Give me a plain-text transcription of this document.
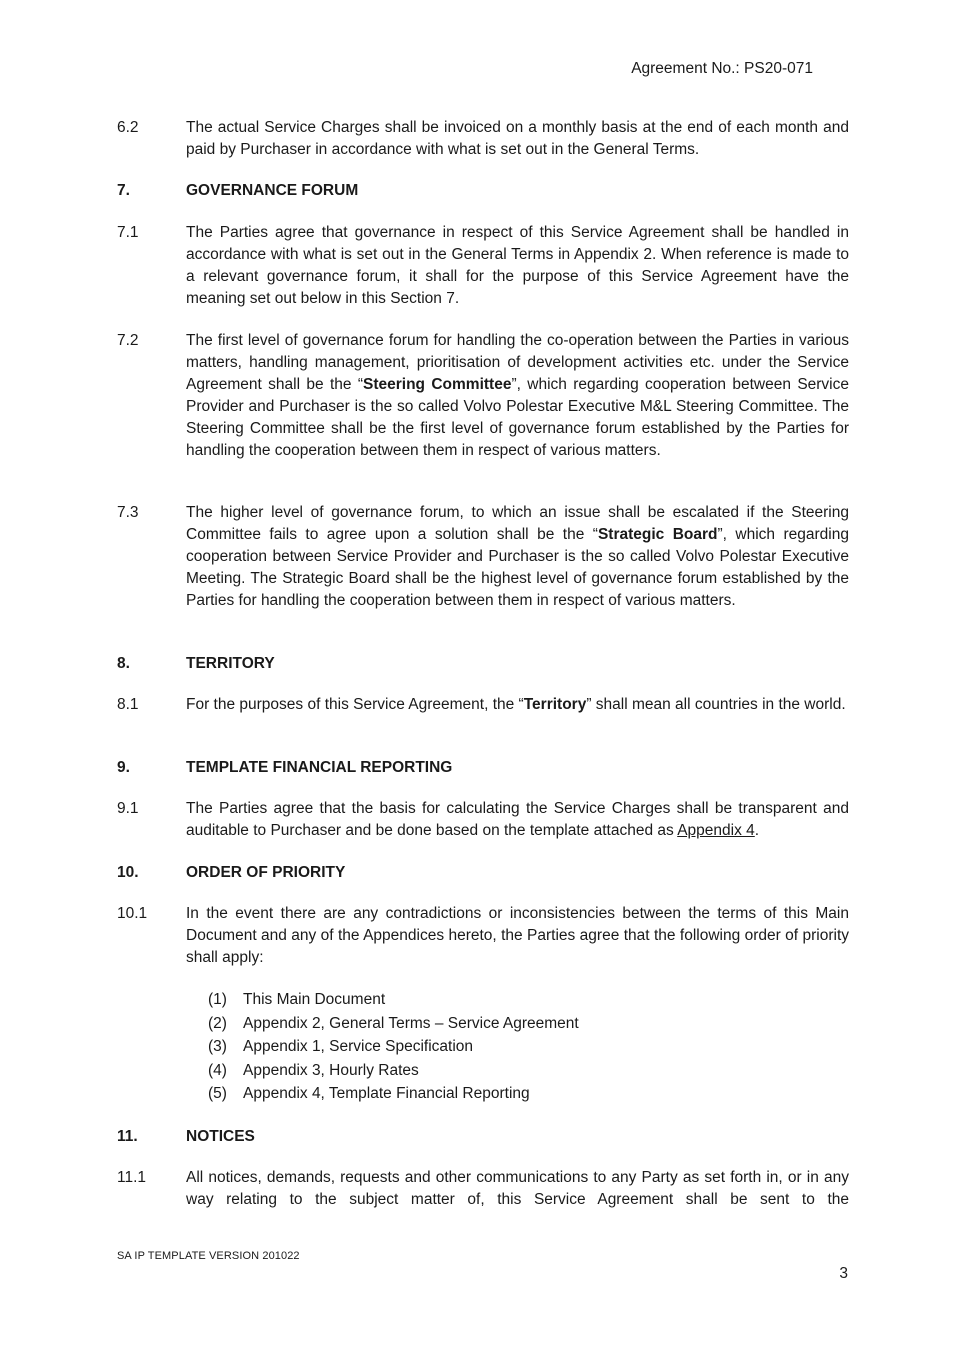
Agreement No.: PS20-071
6.2	The actual Service Charges shall be invoiced on a monthly basis at the end of each month and paid by Purchaser in accordance with what is set out in the General Terms.
7.	GOVERNANCE FORUM
7.1	The Parties agree that governance in respect of this Service Agreement shall be handled in accordance with what is set out in the General Terms in Appendix 2. When reference is made to a relevant governance forum, it shall for the purpose of this Service Agreement have the meaning set out below in this Section 7.
7.2	The first level of governance forum for handling the co-operation between the Parties in various matters, handling management, prioritisation of development activities etc. under the Service Agreement shall be the “Steering Committee”, which regarding cooperation between Service Provider and Purchaser is the so called Volvo Polestar Executive M&L Steering Committee. The Steering Committee shall be the first level of governance forum established by the Parties for handling the cooperation between them in respect of various matters.
7.3	The higher level of governance forum, to which an issue shall be escalated if the Steering Committee fails to agree upon a solution shall be the “Strategic Board”, which regarding cooperation between Service Provider and Purchaser is the so called Volvo Polestar Executive Meeting. The Strategic Board shall be the highest level of governance forum established by the Parties for handling the cooperation between them in respect of various matters.
8.	TERRITORY
8.1	For the purposes of this Service Agreement, the “Territory” shall mean all countries in the world.
9.	TEMPLATE FINANCIAL REPORTING
9.1	The Parties agree that the basis for calculating the Service Charges shall be transparent and auditable to Purchaser and be done based on the template attached as Appendix 4.
10.	ORDER OF PRIORITY
10.1	In the event there are any contradictions or inconsistencies between the terms of this Main Document and any of the Appendices hereto, the Parties agree that the following order of priority shall apply:
(1)	This Main Document
(2)	Appendix 2, General Terms – Service Agreement
(3)	Appendix 1, Service Specification
(4)	Appendix 3, Hourly Rates
(5)	Appendix 4, Template Financial Reporting
11.	NOTICES
11.1	All notices, demands, requests and other communications to any Party as set forth in, or in any way relating to the subject matter of, this Service Agreement shall be sent to the
SA IP TEMPLATE VERSION 201022
3
